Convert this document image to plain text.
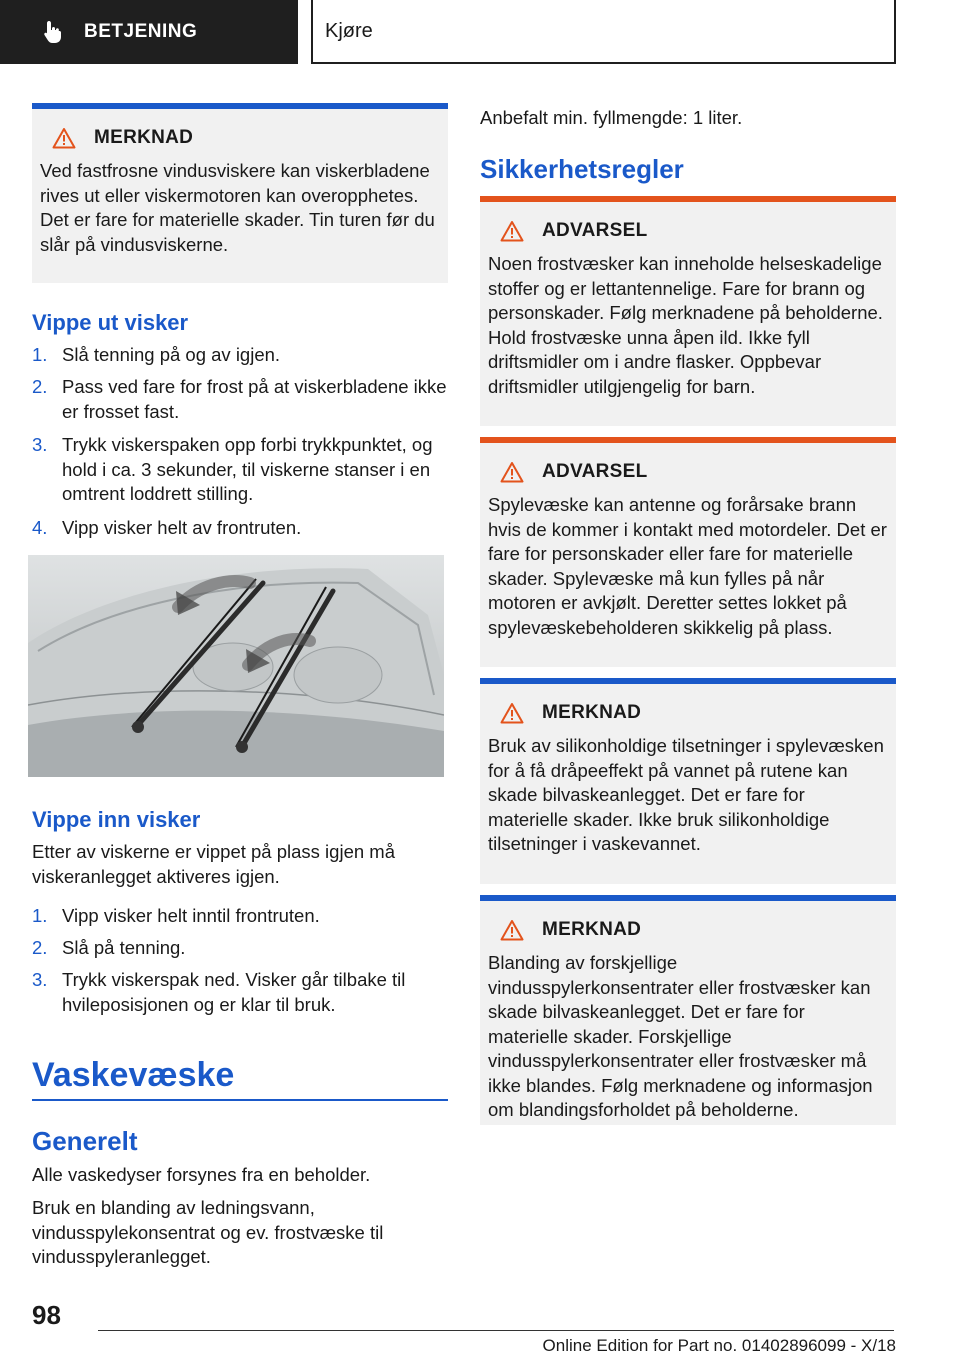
BETJENING	Kjøre
MERKNAD
Ved fastfrosne vindusviskere kan viskerbladene rives ut eller viskermotoren kan overopphetes. Det er fare for materielle skader. Tin turen før du slår på vindusviskerne.
Vippe ut visker
1. Slå tenning på og av igjen.
2. Pass ved fare for frost på at viskerbladene ikke er frosset fast.
3. Trykk viskerspaken opp forbi trykkpunktet, og hold i ca. 3 sekunder, til viskerne stanser i en omtrent loddrett stilling.
4. Vipp visker helt av frontruten.
Vippe inn visker
Etter av viskerne er vippet på plass igjen må viskeranlegget aktiveres igjen.
1. Vipp visker helt inntil frontruten.
2. Slå på tenning.
3. Trykk viskerspak ned. Visker går tilbake til hvileposisjonen og er klar til bruk.
Vaskevæske
Generelt
Alle vaskedyser forsynes fra en beholder.
Bruk en blanding av ledningsvann, vindusspylekonsentrat og ev. frostvæske til vindusspyleranlegget.
Anbefalt min. fyllmengde: 1 liter.
Sikkerhetsregler
ADVARSEL
Noen frostvæsker kan inneholde helseskadelige stoffer og er lettantennelige. Fare for brann og personskader. Følg merknadene på beholderne. Hold frostvæske unna åpen ild. Ikke fyll driftsmidler om i andre flasker. Oppbevar driftsmidler utilgjengelig for barn.
ADVARSEL
Spylevæske kan antenne og forårsake brann hvis de kommer i kontakt med motordeler. Det er fare for personskader eller fare for materielle skader. Spylevæske må kun fylles på når motoren er avkjølt. Deretter settes lokket på spylevæskebeholderen skikkelig på plass.
MERKNAD
Bruk av silikonholdige tilsetninger i spylevæsken for å få dråpeeffekt på vannet på rutene kan skade bilvaskeanlegget. Det er fare for materielle skader. Ikke bruk silikonholdige tilsetninger i vaskevannet.
MERKNAD
Blanding av forskjellige vindusspylerkonsentrater eller frostvæsker kan skade bilvaskeanlegget. Det er fare for materielle skader. Forskjellige vindusspylerkonsentrater eller frostvæsker må ikke blandes. Følg merknadene og informasjon om blandingsforholdet på beholderne.
98
Online Edition for Part no. 01402896099 - X/18
